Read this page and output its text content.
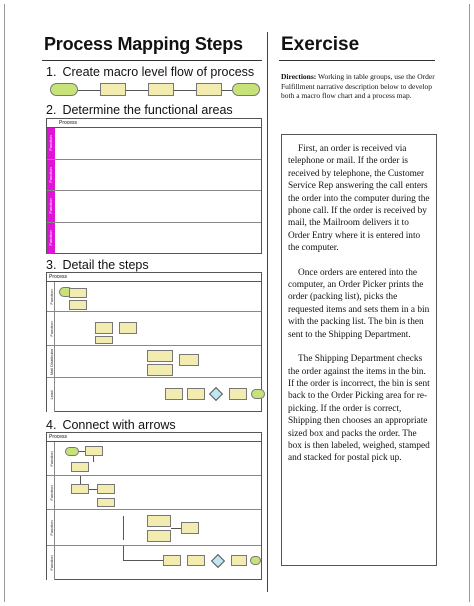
Process Mapping Steps
1. Create macro level flow of process
2. Determine the functional areas
Process
Function
Function
Function
Function
3. Detail the steps
Process
Function
Function
Mail Distributor
Lead
4. Connect with arrows
Process
Function
Function
Function
Function
Exercise
Directions: Working in table groups, use the Order Fulfillment narrative description below to develop both a macro flow chart and a process map.

First, an order is received via telephone or mail. If the order is received by telephone, the Customer Service Rep answering the call enters the order into the computer during the phone call. If the order is received by mail, the Mailroom delivers it to Order Entry where it is entered into the computer.

Once orders are entered into the computer, an Order Picker prints the order (packing list), picks the requested items and sets them in a bin with the packing list. The bin is then sent to the Shipping Department.

The Shipping Department checks the order against the items in the bin. If the order is incorrect, the bin is sent back to the Order Picking area for re-picking. If the order is correct, Shipping then chooses an appropriate sized box and packs the order. The box is then labeled, weighed, stamped and stacked for postal pick up.
